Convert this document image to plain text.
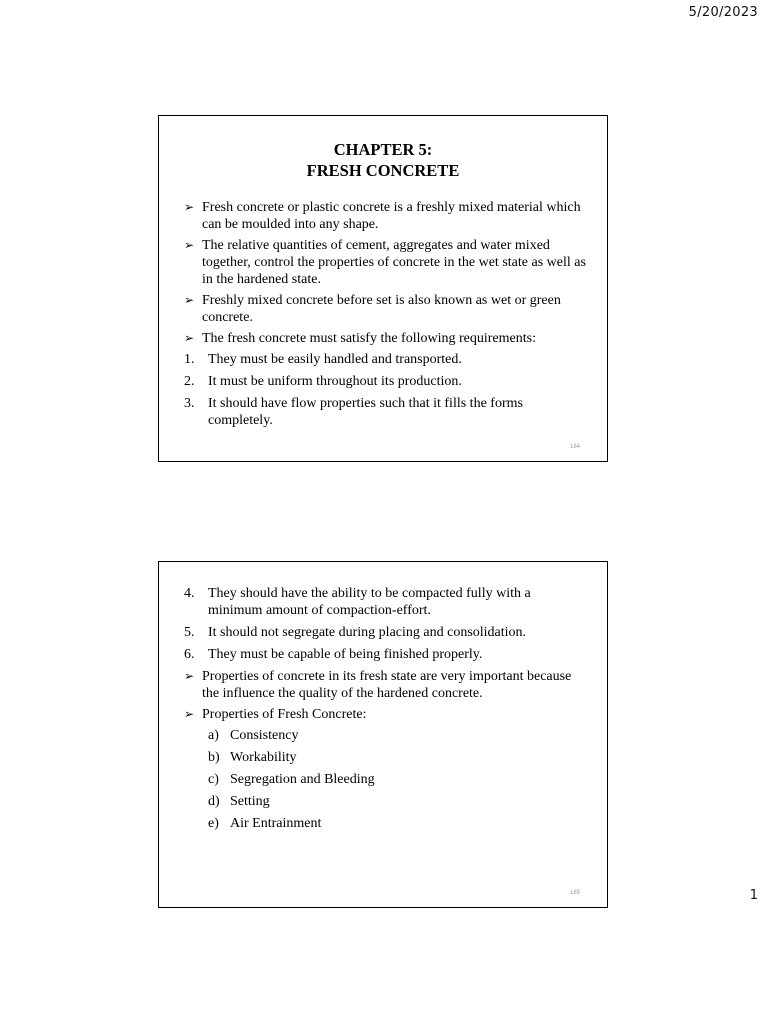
5/20/2023
CHAPTER 5:
FRESH CONCRETE
➢ Fresh concrete or plastic concrete is a freshly mixed material which can be moulded into any shape.
➢ The relative quantities of cement, aggregates and water mixed together, control the properties of concrete in the wet state as well as in the hardened state.
➢ Freshly mixed concrete before set is also known as wet or green concrete.
➢ The fresh concrete must satisfy the following requirements:
1. They must be easily handled and transported.
2. It must be uniform throughout its production.
3. It should have flow properties such that it fills the forms completely.
184
4. They should have the ability to be compacted fully with a minimum amount of compaction-effort.
5. It should not segregate during placing and consolidation.
6. They must be capable of being finished properly.
➢ Properties of concrete in its fresh state are very important because the influence the quality of the hardened concrete.
➢ Properties of Fresh Concrete:
a) Consistency
b) Workability
c) Segregation and Bleeding
d) Setting
e) Air Entrainment
185	1
